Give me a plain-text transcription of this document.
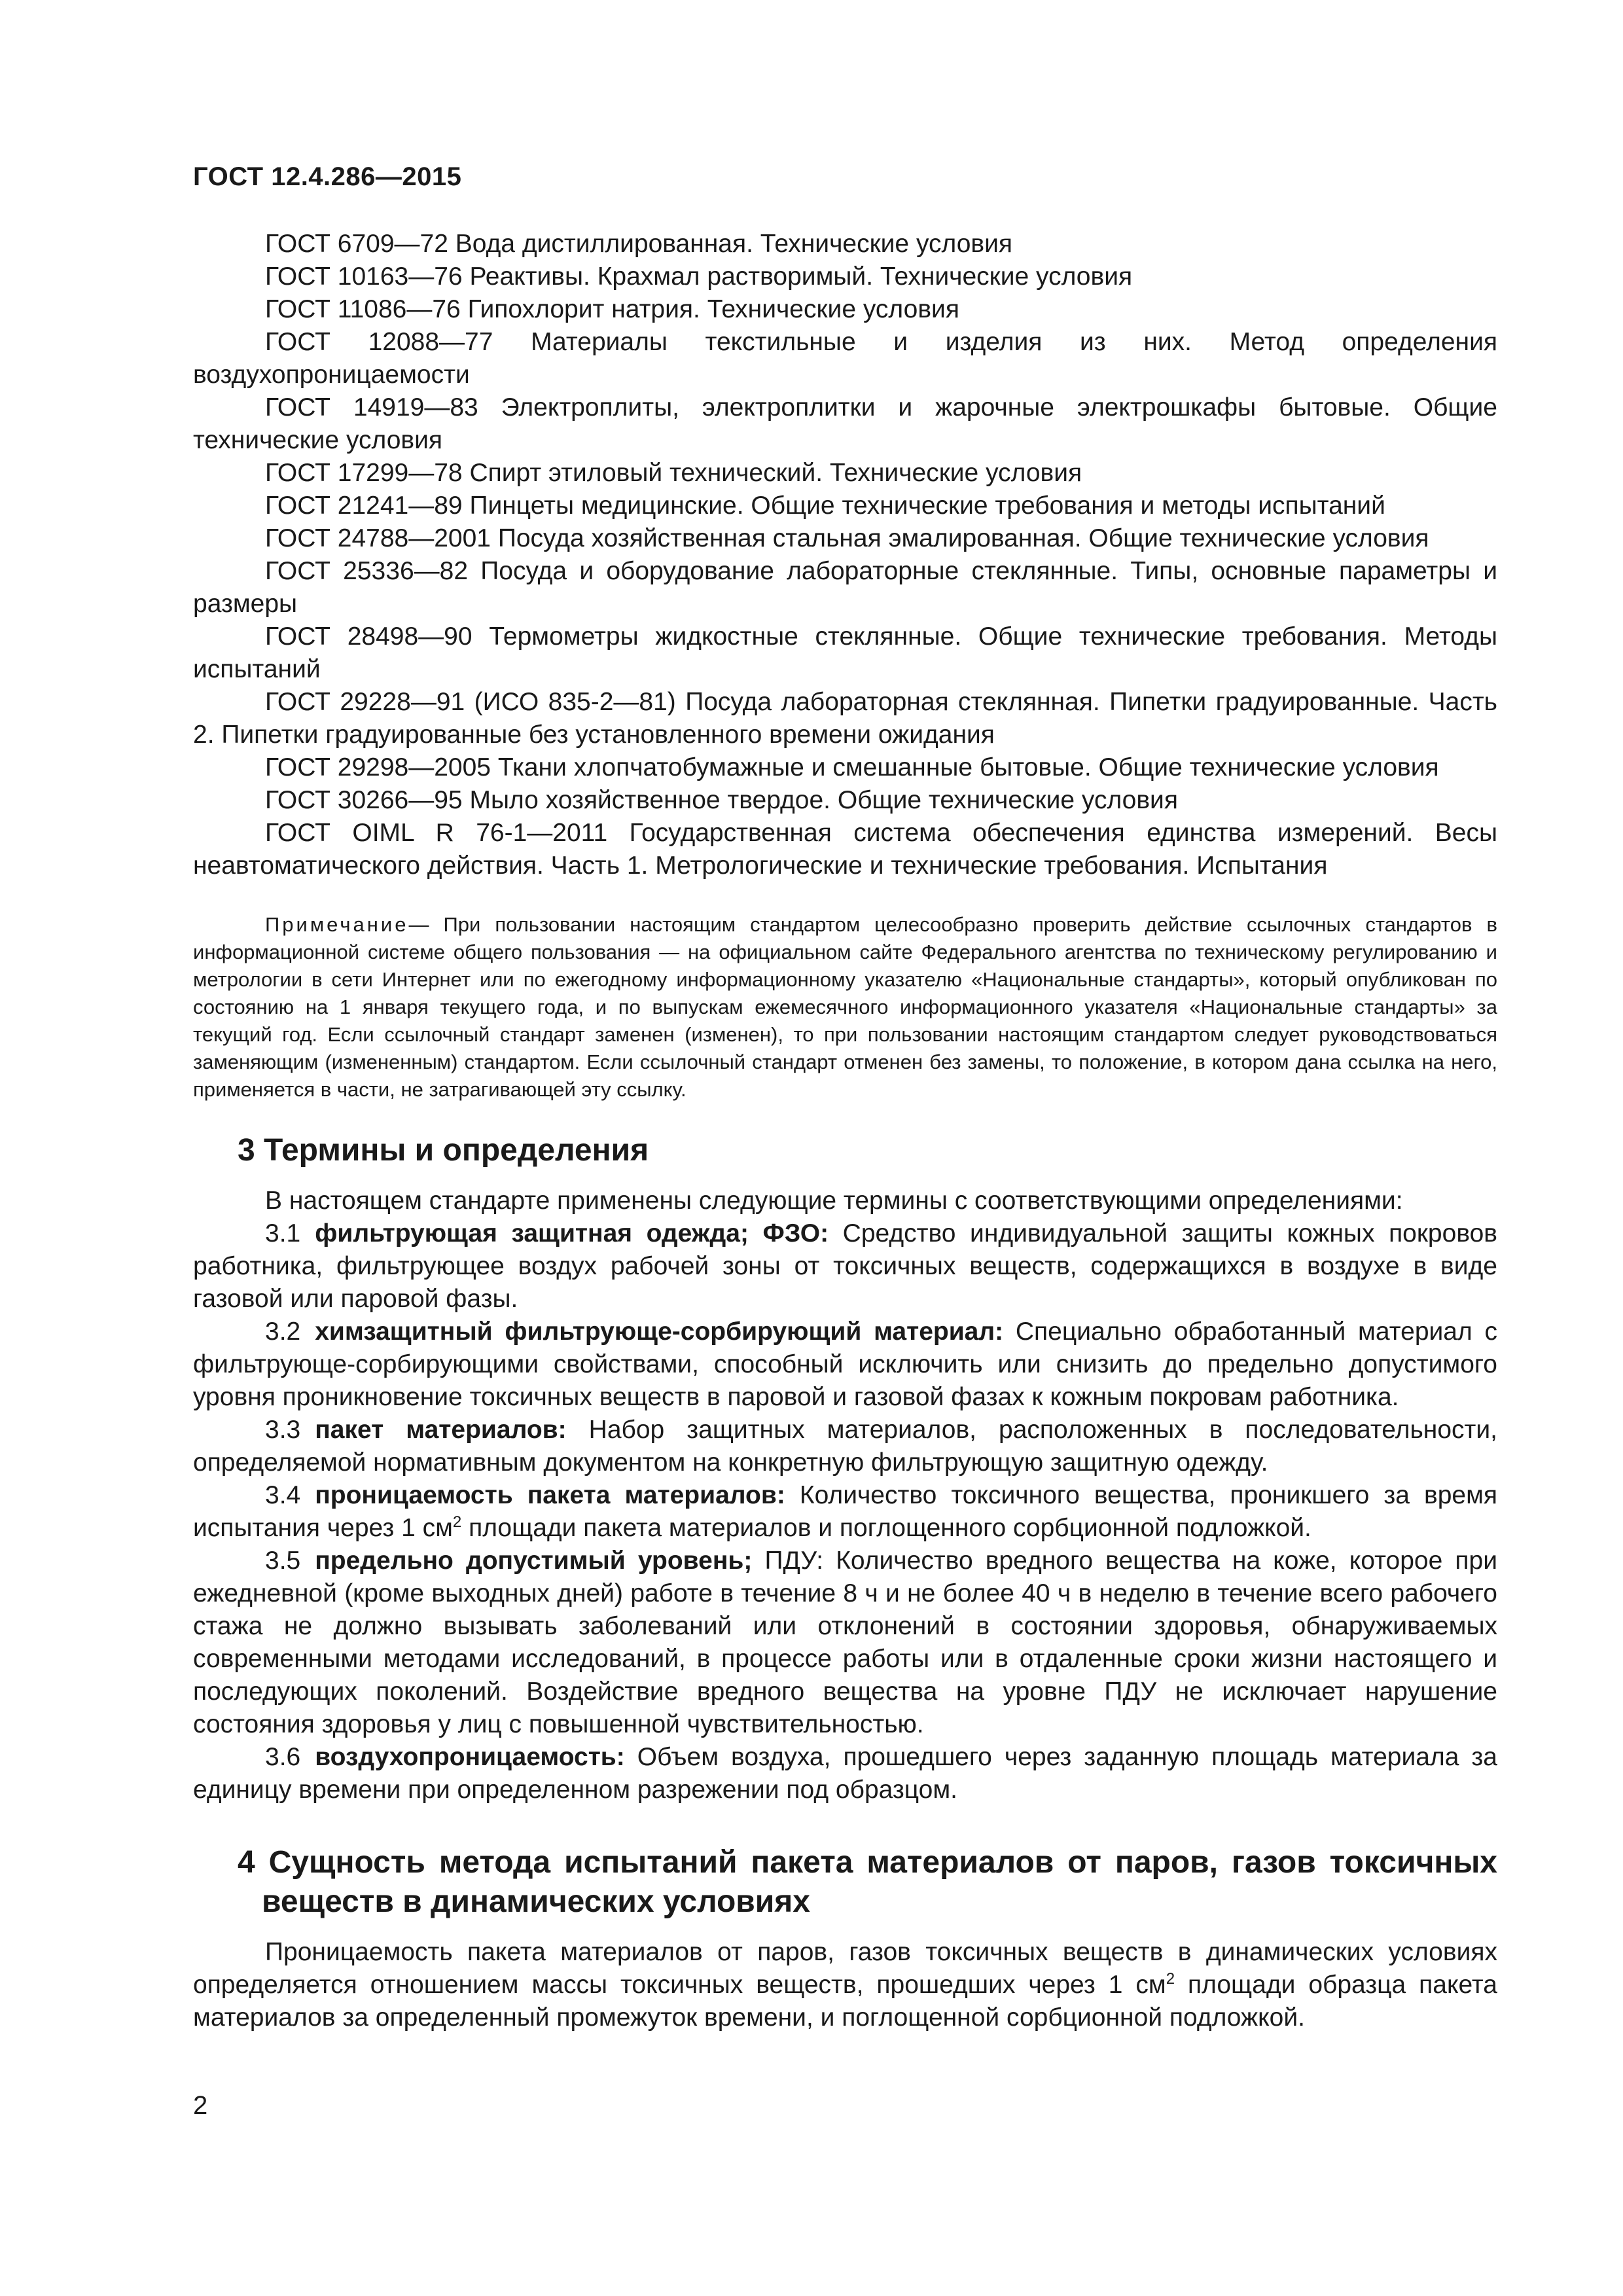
ГОСТ 12.4.286—2015

ГОСТ 6709—72 Вода дистиллированная. Технические условия

ГОСТ 10163—76 Реактивы. Крахмал растворимый. Технические условия

ГОСТ 11086—76 Гипохлорит натрия. Технические условия

ГОСТ 12088—77 Материалы текстильные и изделия из них. Метод определения воздухопроницаемости

ГОСТ 14919—83 Электроплиты, электроплитки и жарочные электрошкафы бытовые. Общие технические условия

ГОСТ 17299—78 Спирт этиловый технический. Технические условия

ГОСТ 21241—89 Пинцеты медицинские. Общие технические требования и методы испытаний

ГОСТ 24788—2001 Посуда хозяйственная стальная эмалированная. Общие технические условия

ГОСТ 25336—82 Посуда и оборудование лабораторные стеклянные. Типы, основные параметры и размеры

ГОСТ 28498—90 Термометры жидкостные стеклянные. Общие технические требования. Методы испытаний

ГОСТ 29228—91 (ИСО 835-2—81) Посуда лабораторная стеклянная. Пипетки градуированные. Часть 2. Пипетки градуированные без установленного времени ожидания

ГОСТ 29298—2005 Ткани хлопчатобумажные и смешанные бытовые. Общие технические условия

ГОСТ 30266—95 Мыло хозяйственное твердое. Общие технические условия

ГОСТ OIML R 76-1—2011 Государственная система обеспечения единства измерений. Весы неавтоматического действия. Часть 1. Метрологические и технические требования. Испытания

Примечание— При пользовании настоящим стандартом целесообразно проверить действие ссылочных стандартов в информационной системе общего пользования — на официальном сайте Федерального агентства по техническому регулированию и метрологии в сети Интернет или по ежегодному информационному указателю «Национальные стандарты», который опубликован по состоянию на 1 января текущего года, и по выпускам ежемесячного информационного указателя «Национальные стандарты» за текущий год. Если ссылочный стандарт заменен (изменен), то при пользовании настоящим стандартом следует руководствоваться заменяющим (измененным) стандартом. Если ссылочный стандарт отменен без замены, то положение, в котором дана ссылка на него, применяется в части, не затрагивающей эту ссылку.

3 Термины и определения

В настоящем стандарте применены следующие термины с соответствующими определениями:

3.1 фильтрующая защитная одежда; ФЗО: Средство индивидуальной защиты кожных покровов работника, фильтрующее воздух рабочей зоны от токсичных веществ, содержащихся в воздухе в виде газовой или паровой фазы.

3.2 химзащитный фильтрующе-сорбирующий материал: Специально обработанный материал с фильтрующе-сорбирующими свойствами, способный исключить или снизить до предельно допустимого уровня проникновение токсичных веществ в паровой и газовой фазах к кожным покровам работника.

3.3 пакет материалов: Набор защитных материалов, расположенных в последовательности, определяемой нормативным документом на конкретную фильтрующую защитную одежду.

3.4 проницаемость пакета материалов: Количество токсичного вещества, проникшего за время испытания через 1 $см^2$ площади пакета материалов и поглощенного сорбционной подложкой.

3.5 предельно допустимый уровень; ПДУ: Количество вредного вещества на коже, которое при ежедневной (кроме выходных дней) работе в течение 8 ч и не более 40 ч в неделю в течение всего рабочего стажа не должно вызывать заболеваний или отклонений в состоянии здоровья, обнаруживаемых современными методами исследований, в процессе работы или в отдаленные сроки жизни настоящего и последующих поколений. Воздействие вредного вещества на уровне ПДУ не исключает нарушение состояния здоровья у лиц с повышенной чувствительностью.

3.6 воздухопроницаемость: Объем воздуха, прошедшего через заданную площадь материала за единицу времени при определенном разрежении под образцом.

4 Сущность метода испытаний пакета материалов от паров, газов токсичных веществ в динамических условиях

Проницаемость пакета материалов от паров, газов токсичных веществ в динамических условиях определяется отношением массы токсичных веществ, прошедших через 1 $см^2$ площади образца пакета материалов за определенный промежуток времени, и поглощенной сорбционной подложкой.

2
